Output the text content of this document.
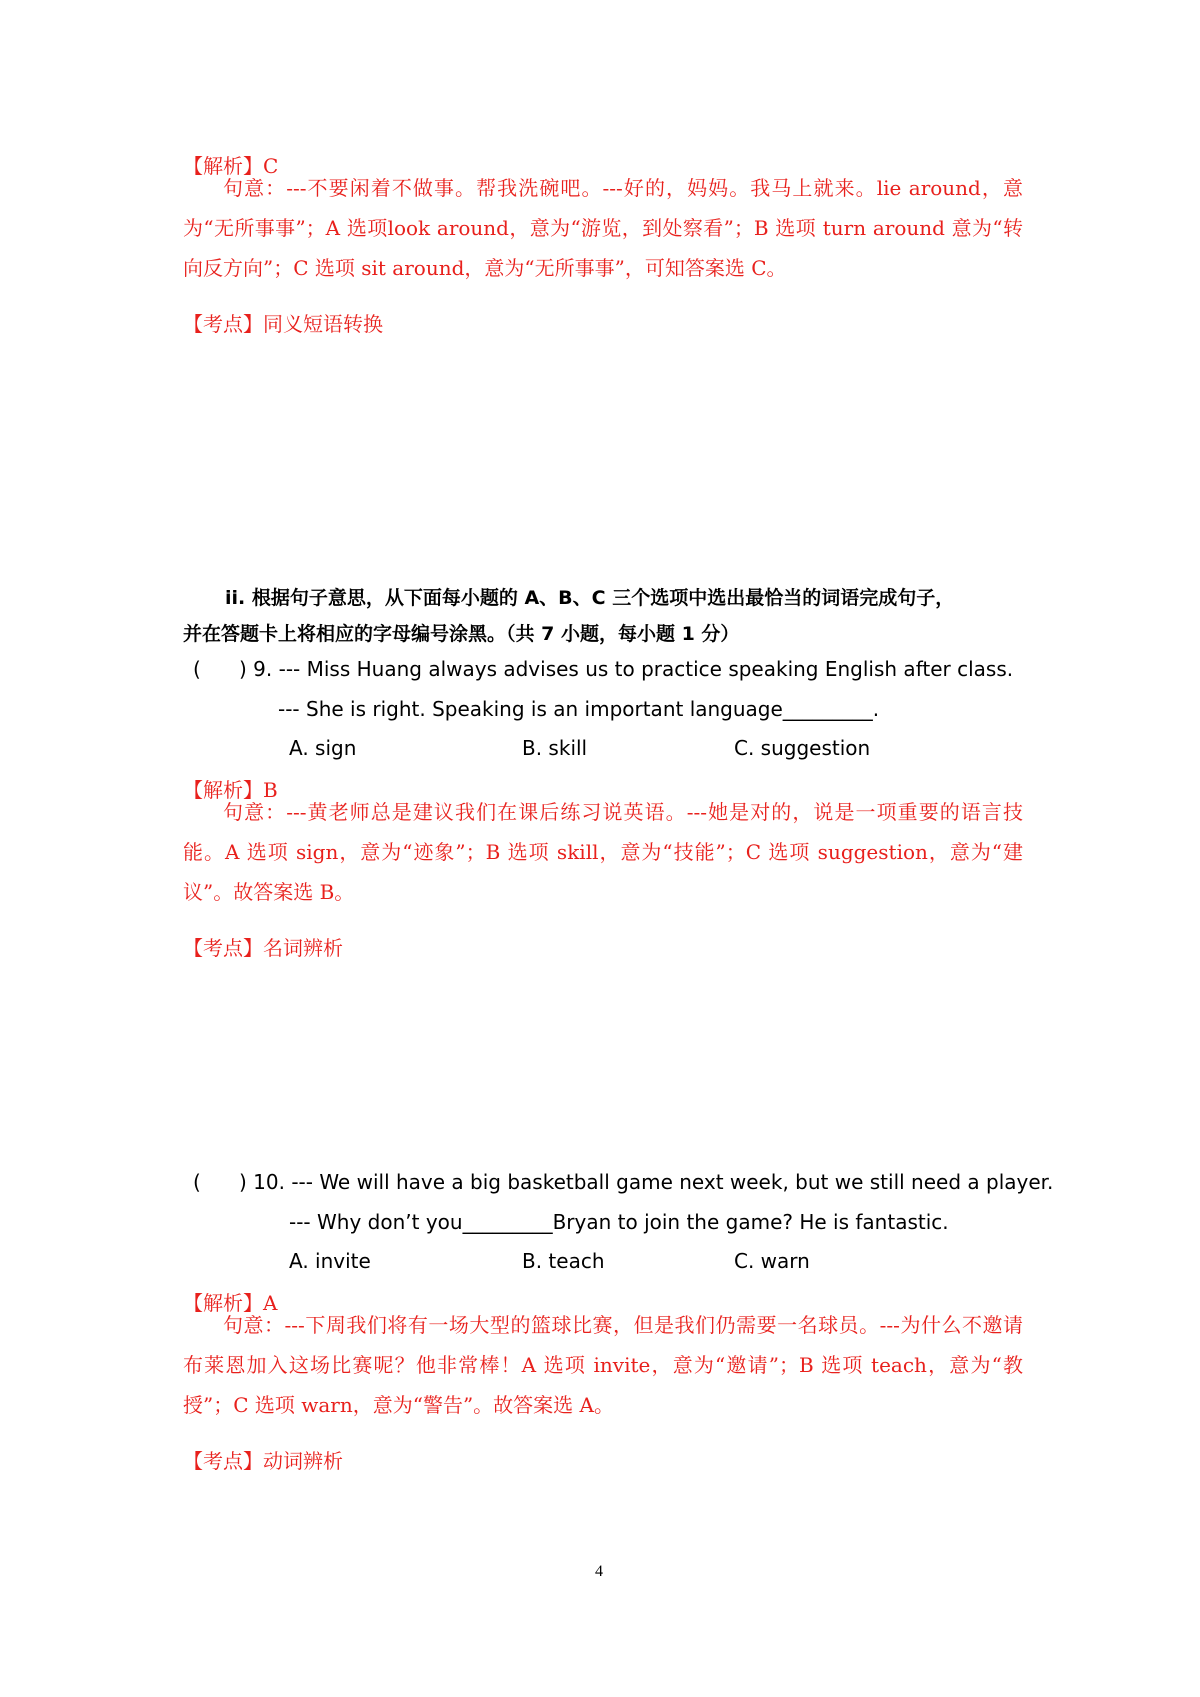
【解析】C
句意：---不要闲着不做事。帮我洗碗吧。---好的，妈妈。我马上就来。lie around，意为“无所事事”；A 选项look around，意为“游览，到处察看”；B 选项 turn around 意为“转向反方向”；C 选项 sit around，意为“无所事事”，可知答案选 C。
【考点】同义短语转换
ii. 根据句子意思，从下面每小题的 A、B、C 三个选项中选出最恰当的词语完成句子，
并在答题卡上将相应的字母编号涂黑。（共 7 小题，每小题 1 分）
( ) 9. --- Miss Huang always advises us to practice speaking English after class.
--- She is right. Speaking is an important language_________.
A. sign	B. skill	C. suggestion
【解析】B
句意：---黄老师总是建议我们在课后练习说英语。---她是对的，说是一项重要的语言技能。A 选项 sign，意为“迹象”；B 选项 skill，意为“技能”；C 选项 suggestion，意为“建议”。故答案选 B。
【考点】名词辨析
( ) 10. --- We will have a big basketball game next week, but we still need a player.
--- Why don’t you_________Bryan to join the game? He is fantastic.
A. invite	B. teach	C. warn
【解析】A
句意：---下周我们将有一场大型的篮球比赛，但是我们仍需要一名球员。---为什么不邀请布莱恩加入这场比赛呢？他非常棒！A 选项 invite，意为“邀请”；B 选项 teach，意为“教授”；C 选项 warn，意为“警告”。故答案选 A。
【考点】动词辨析
4
